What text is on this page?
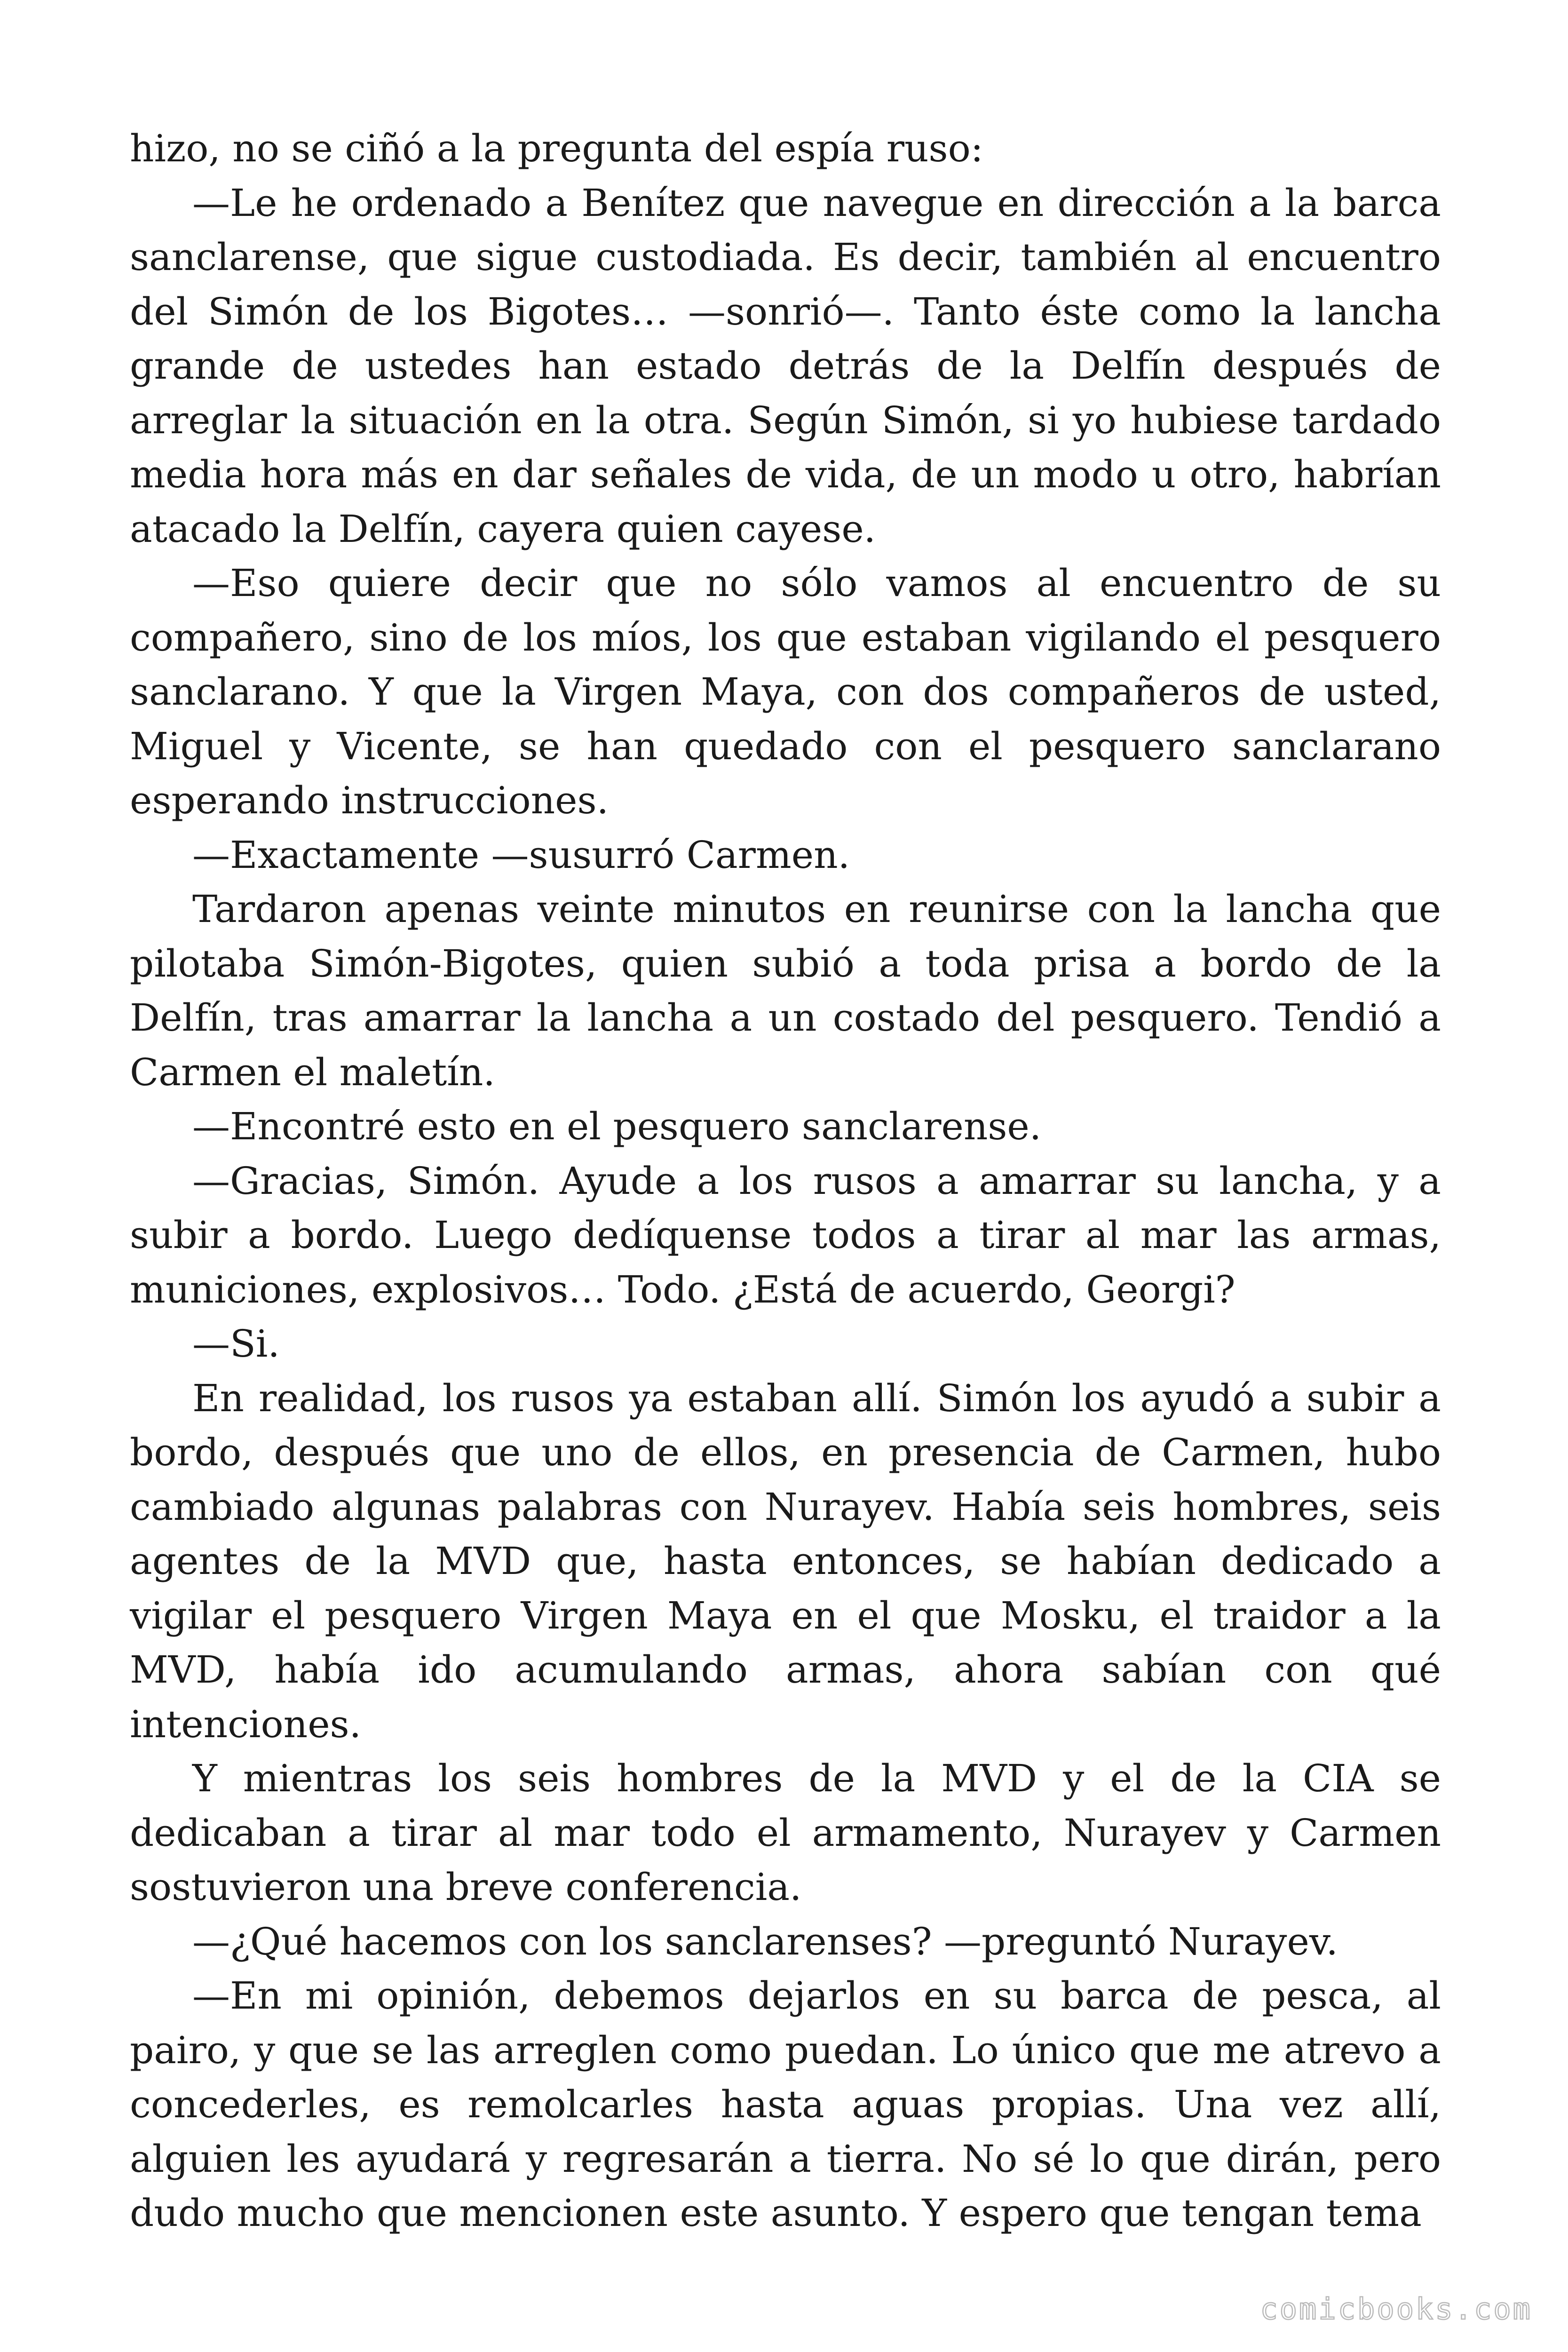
hizo, no se ciñó a la pregunta del espía ruso:

—Le he ordenado a Benítez que navegue en dirección a la barca sanclarense, que sigue custodiada. Es decir, también al encuentro del Simón de los Bigotes… —sonrió—. Tanto éste como la lancha grande de ustedes han estado detrás de la Delfín después de arreglar la situación en la otra. Según Simón, si yo hubiese tardado media hora más en dar señales de vida, de un modo u otro, habrían atacado la Delfín, cayera quien cayese.

—Eso quiere decir que no sólo vamos al encuentro de su compañero, sino de los míos, los que estaban vigilando el pesquero sanclarano. Y que la Virgen Maya, con dos compañeros de usted, Miguel y Vicente, se han quedado con el pesquero sanclarano esperando instrucciones.

—Exactamente —susurró Carmen.

Tardaron apenas veinte minutos en reunirse con la lancha que pilotaba Simón-Bigotes, quien subió a toda prisa a bordo de la Delfín, tras amarrar la lancha a un costado del pesquero. Tendió a Carmen el maletín.

—Encontré esto en el pesquero sanclarense.

—Gracias, Simón. Ayude a los rusos a amarrar su lancha, y a subir a bordo. Luego dedíquense todos a tirar al mar las armas, municiones, explosivos… Todo. ¿Está de acuerdo, Georgi?

—Si.

En realidad, los rusos ya estaban allí. Simón los ayudó a subir a bordo, después que uno de ellos, en presencia de Carmen, hubo cambiado algunas palabras con Nurayev. Había seis hombres, seis agentes de la MVD que, hasta entonces, se habían dedicado a vigilar el pesquero Virgen Maya en el que Mosku, el traidor a la MVD, había ido acumulando armas, ahora sabían con qué intenciones.

Y mientras los seis hombres de la MVD y el de la CIA se dedicaban a tirar al mar todo el armamento, Nurayev y Carmen sostuvieron una breve conferencia.

—¿Qué hacemos con los sanclarenses? —preguntó Nurayev.

—En mi opinión, debemos dejarlos en su barca de pesca, al pairo, y que se las arreglen como puedan. Lo único que me atrevo a concederles, es remolcarles hasta aguas propias. Una vez allí, alguien les ayudará y regresarán a tierra. No sé lo que dirán, pero dudo mucho que mencionen este asunto. Y espero que tengan tema

comicbooks.com
